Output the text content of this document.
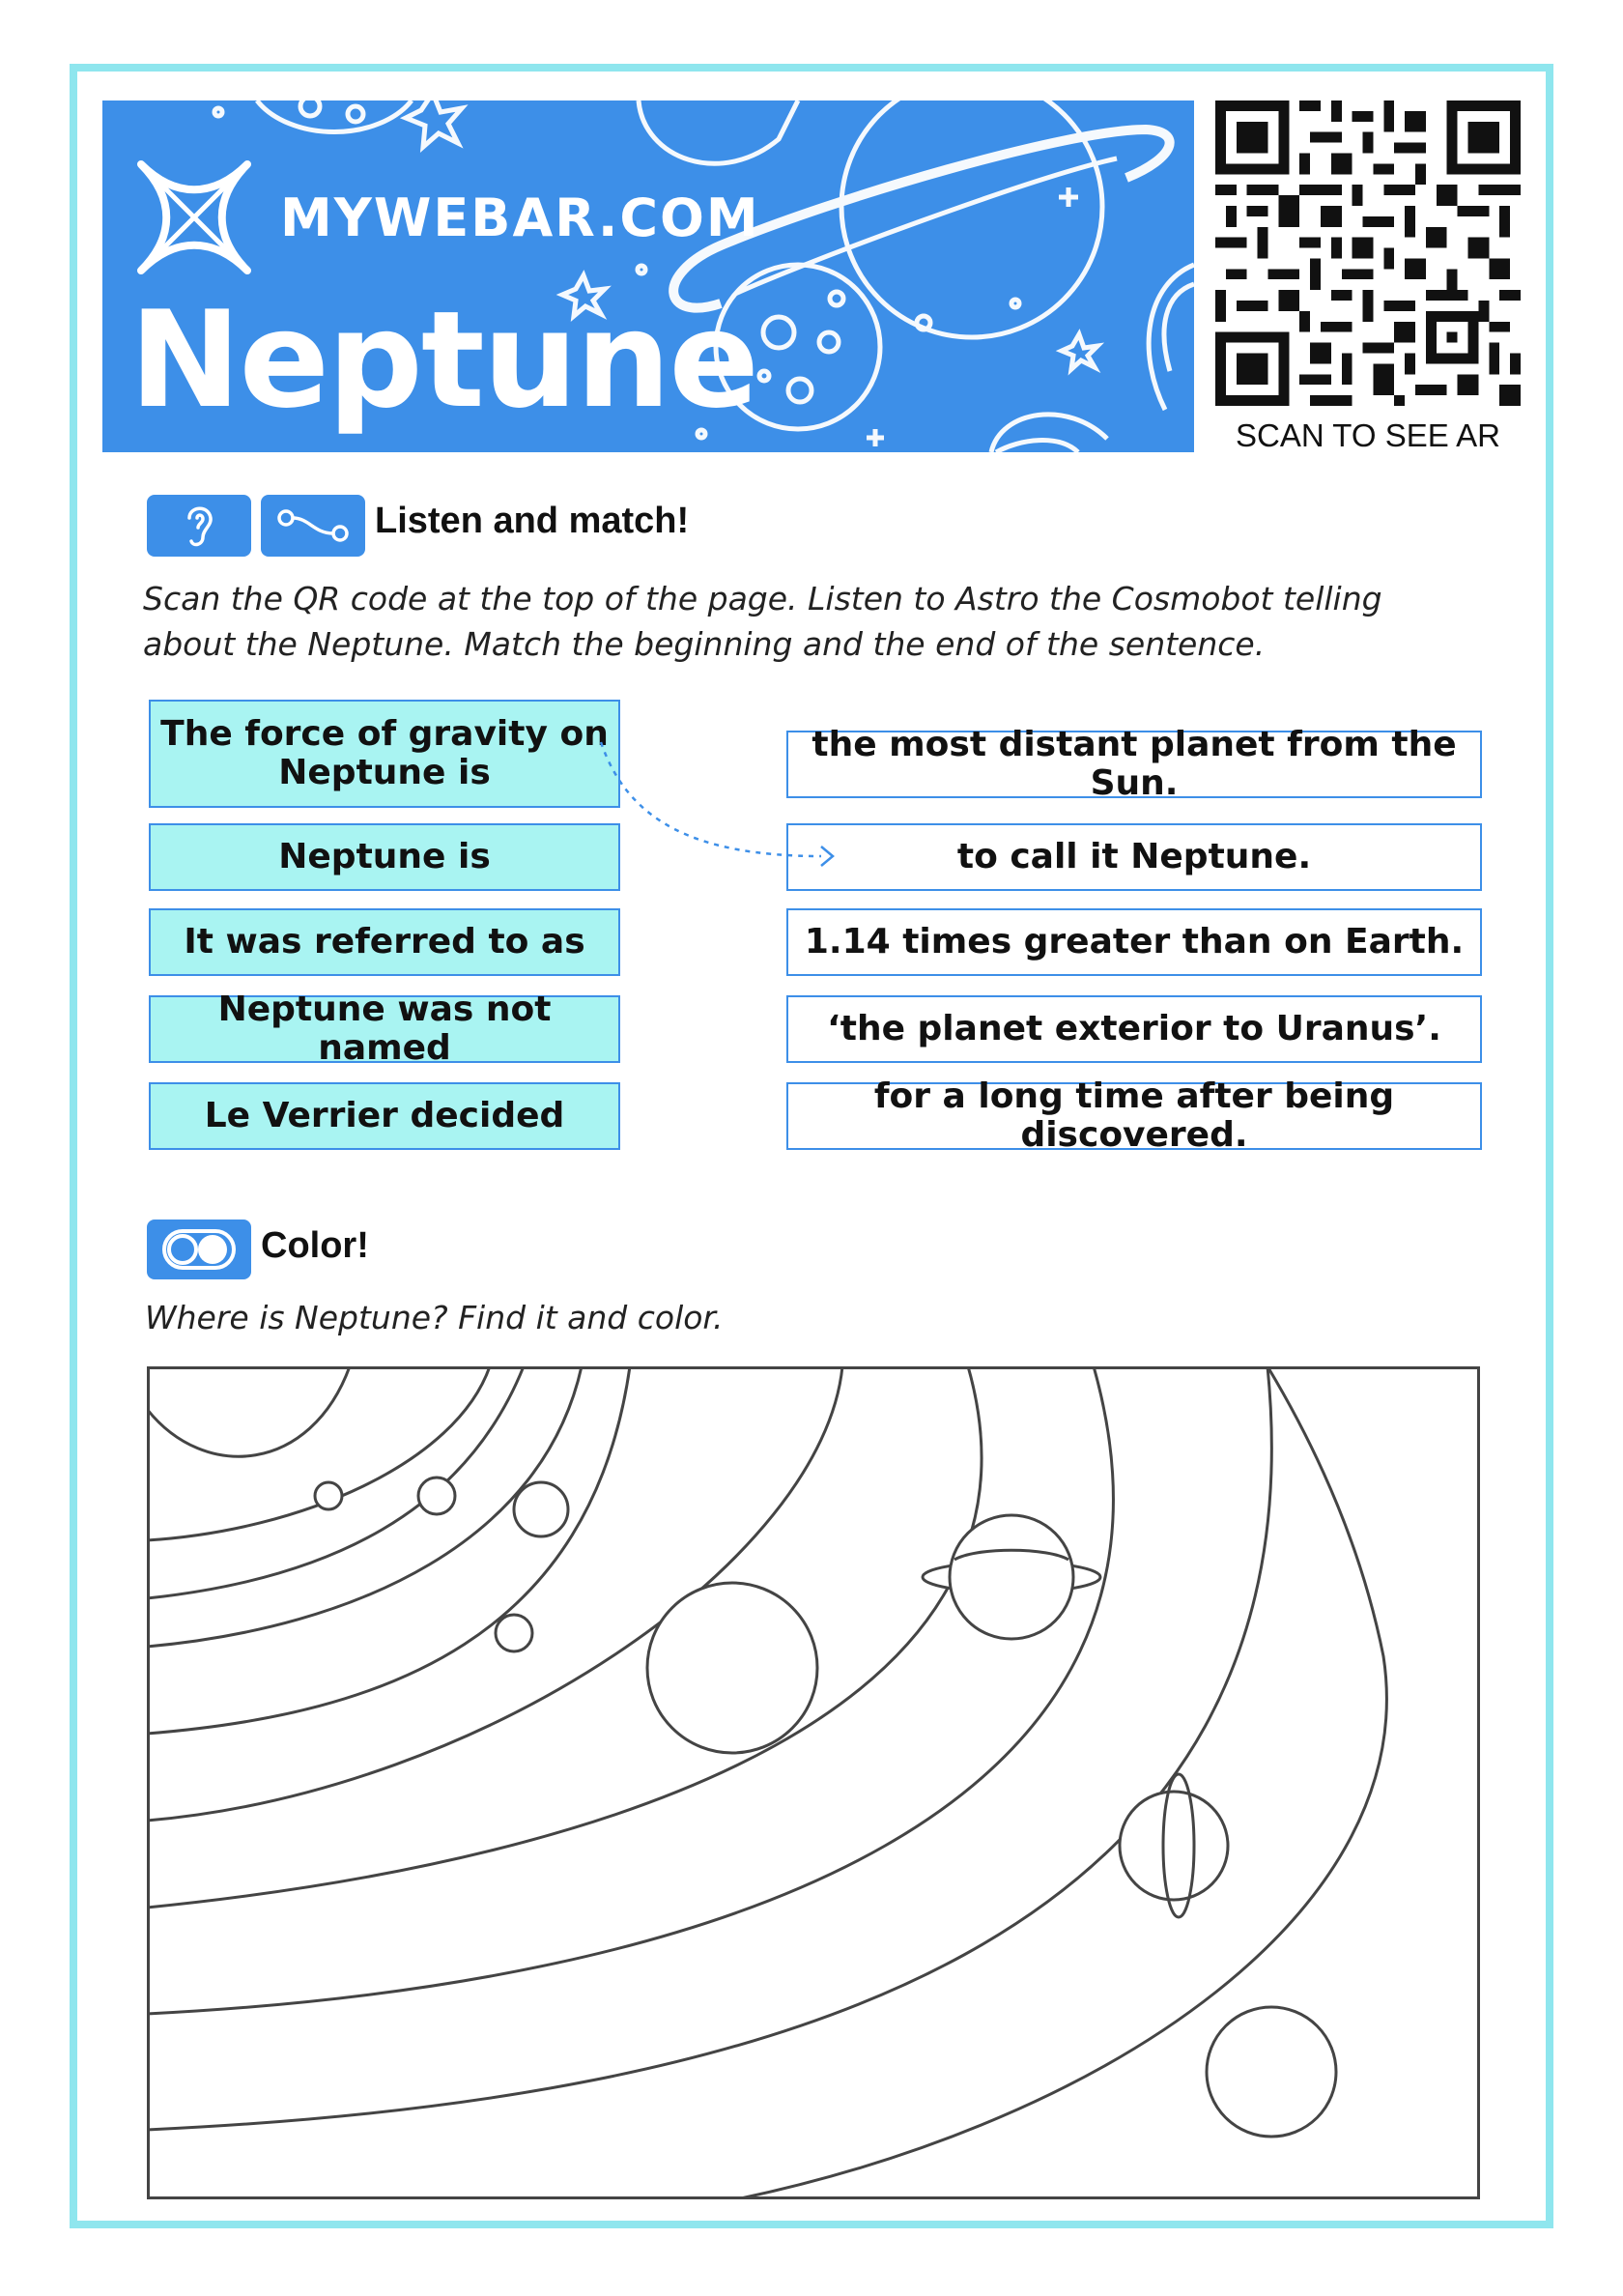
MYWEBAR.COM
Neptune	SCAN TO SEE AR
Listen and match!
Scan the QR code at the top of the page. Listen to Astro the Cosmobot telling about the Neptune. Match the beginning and the end of the sentence.
The force of gravity on Neptune is
Neptune is
It was referred to as
Neptune was not named
Le Verrier decided
the most distant planet from the Sun.
to call it Neptune.
1.14 times greater than on Earth.
‘the planet exterior to Uranus’.
for a long time after being discovered.
Color!
Where is Neptune? Find it and color.
